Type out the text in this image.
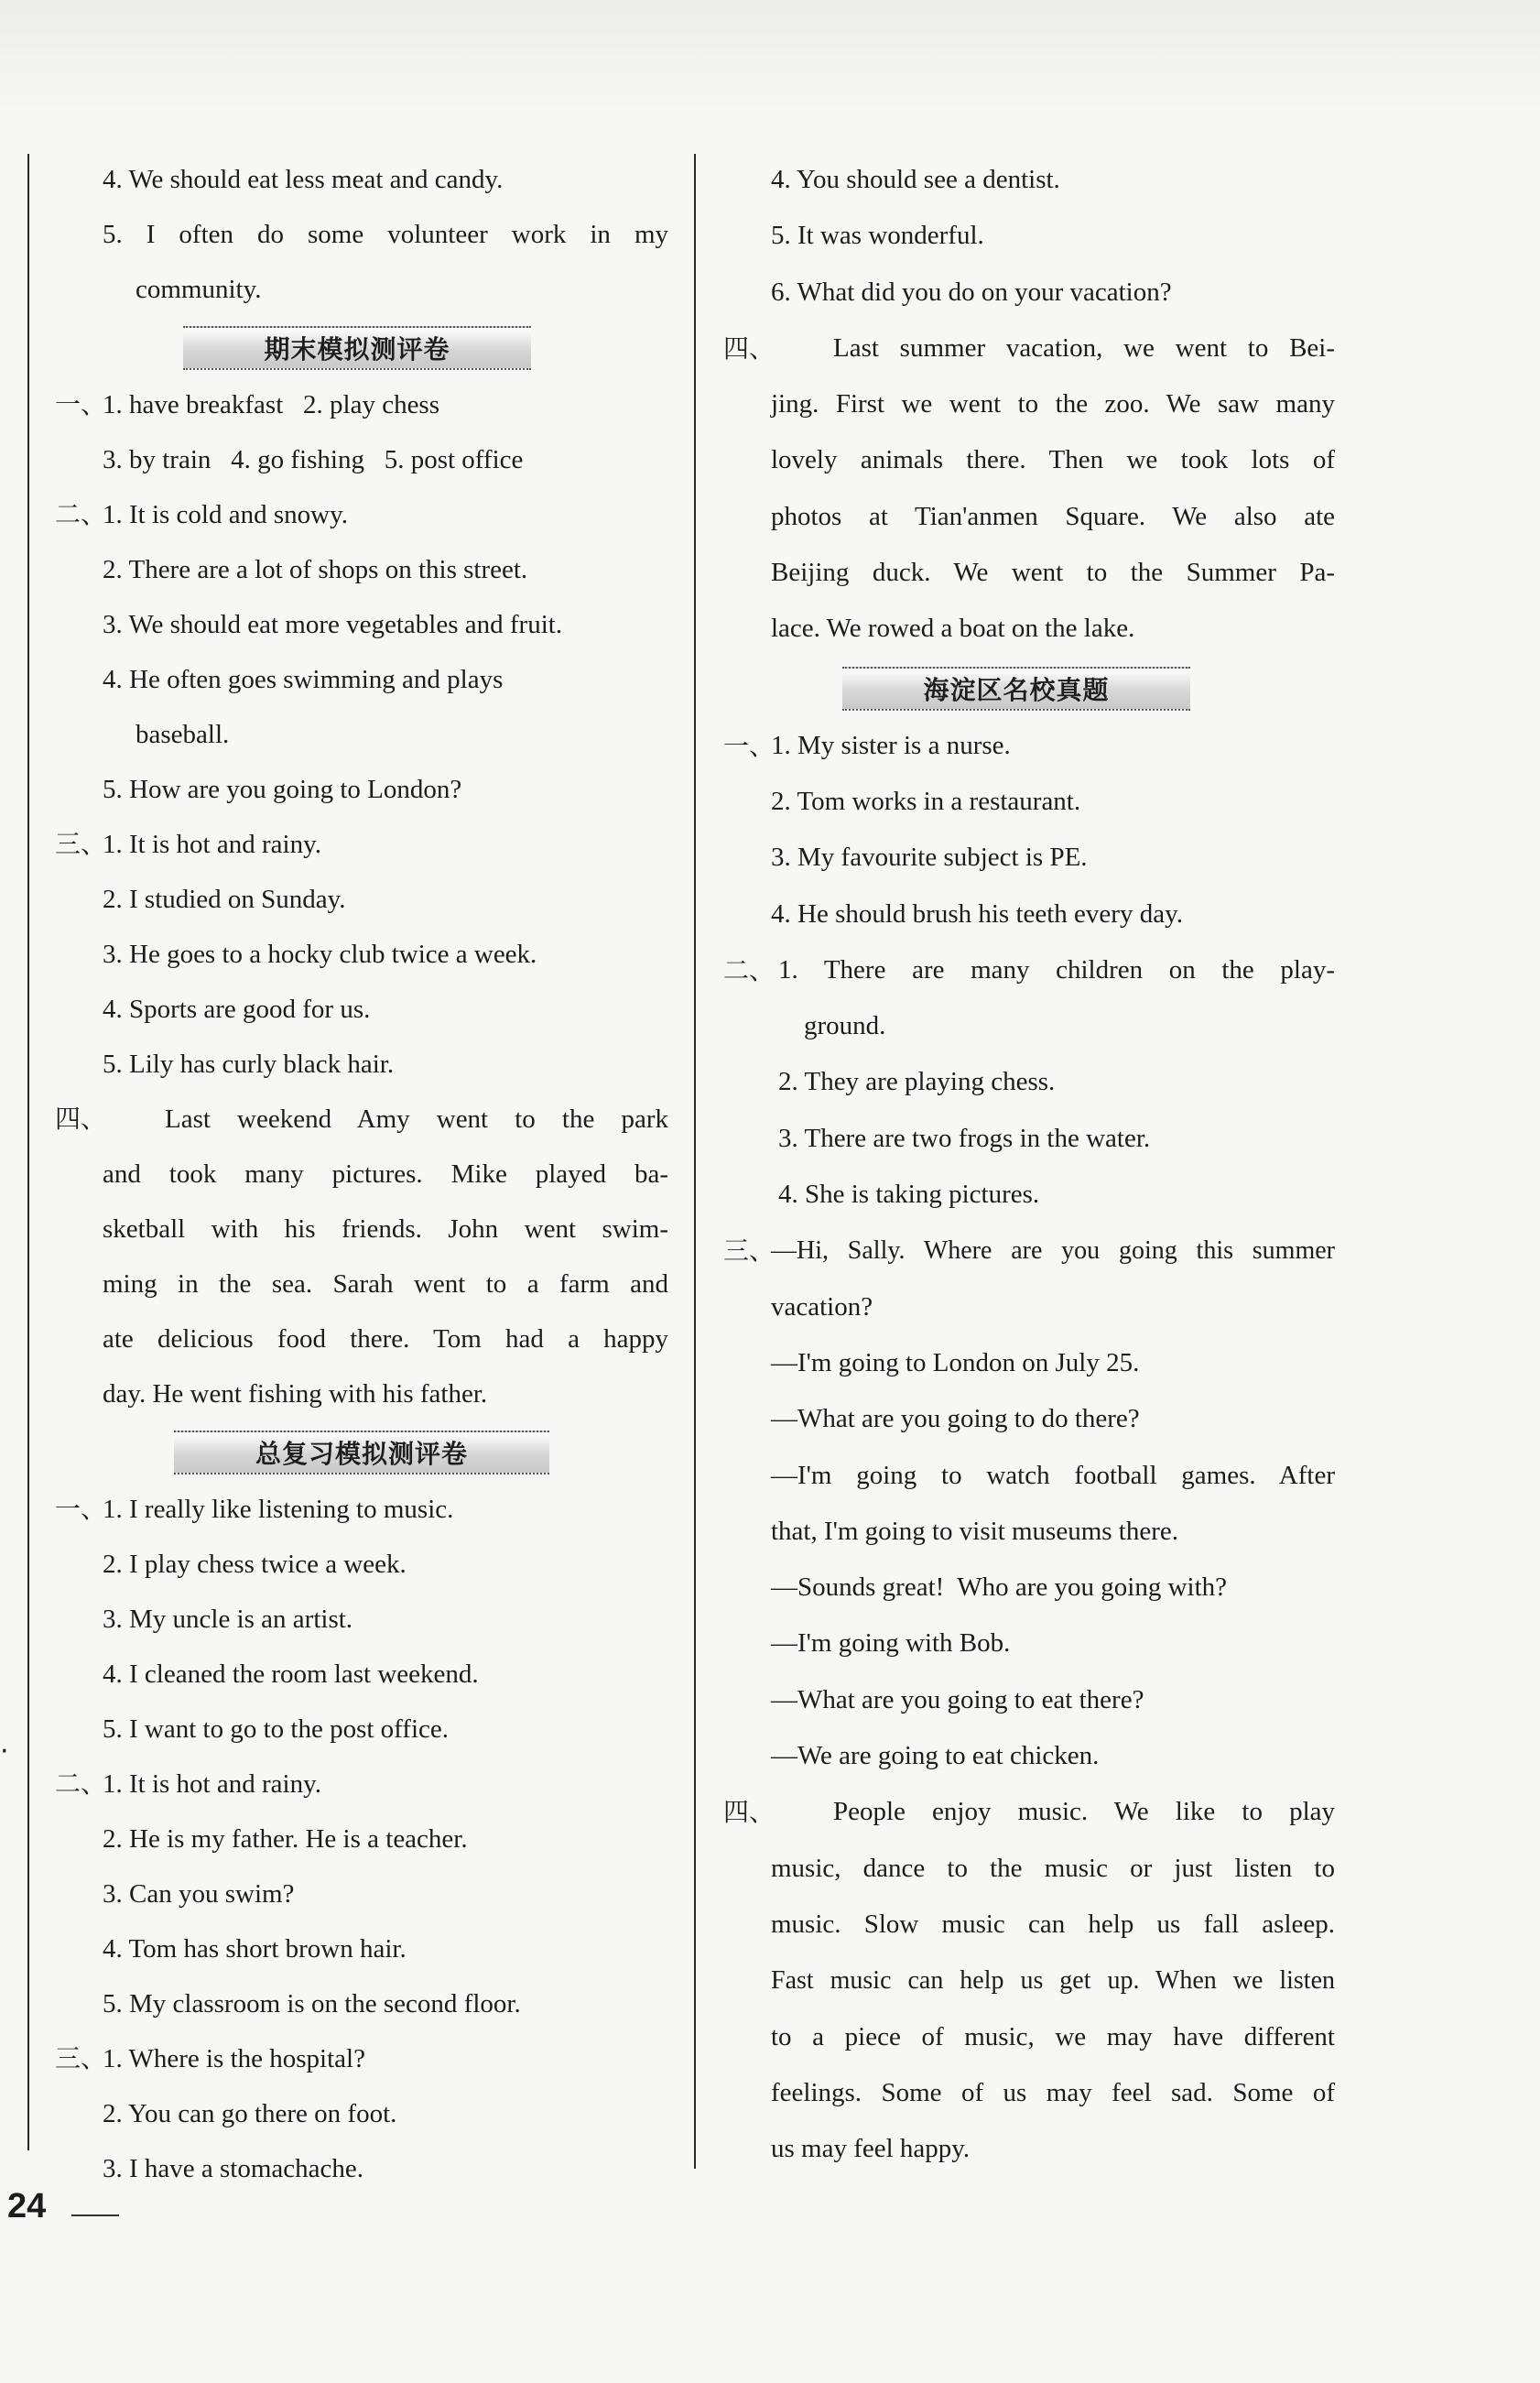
·
4. We should eat less meat and candy.
5. I often do some volunteer work in my
community.
期末模拟测评卷
一、
1. have breakfast   2. play chess
3. by train   4. go fishing   5. post office
二、
1. It is cold and snowy.
2. There are a lot of shops on this street.
3. We should eat more vegetables and fruit.
4. He often goes swimming and plays
baseball.
5. How are you going to London?
三、
1. It is hot and rainy.
2. I studied on Sunday.
3. He goes to a hocky club twice a week.
4. Sports are good for us.
5. Lily has curly black hair.
四、 Last weekend Amy went to the park
and took many pictures. Mike played ba-
sketball with his friends. John went swim-
ming in the sea. Sarah went to a farm and
ate delicious food there. Tom had a happy
day. He went fishing with his father.
总复习模拟测评卷
一、
1. I really like listening to music.
2. I play chess twice a week.
3. My uncle is an artist.
4. I cleaned the room last weekend.
5. I want to go to the post office.
二、
1. It is hot and rainy.
2. He is my father. He is a teacher.
3. Can you swim?
4. Tom has short brown hair.
5. My classroom is on the second floor.
三、
1. Where is the hospital?
2. You can go there on foot.
3. I have a stomachache.
4. You should see a dentist.
5. It was wonderful.
6. What did you do on your vacation?
四、 Last summer vacation, we went to Bei-
jing. First we went to the zoo. We saw many
lovely animals there. Then we took lots of
photos at Tian'anmen Square. We also ate
Beijing duck. We went to the Summer Pa-
lace. We rowed a boat on the lake.
海淀区名校真题
一、
1. My sister is a nurse.
2. Tom works in a restaurant.
3. My favourite subject is PE.
4. He should brush his teeth every day.
二、 1. There are many children on the play-
ground.
2. They are playing chess.
3. There are two frogs in the water.
4. She is taking pictures.
三、
—Hi, Sally. Where are you going this summer
vacation?
—I'm going to London on July 25.
—What are you going to do there?
—I'm going to watch football games. After
that, I'm going to visit museums there.
—Sounds great!  Who are you going with?
—I'm going with Bob.
—What are you going to eat there?
—We are going to eat chicken.
四、 People enjoy music. We like to play
music, dance to the music or just listen to
music. Slow music can help us fall asleep.
Fast music can help us get up. When we listen
to a piece of music, we may have different
feelings. Some of us may feel sad. Some of
us may feel happy.
24
